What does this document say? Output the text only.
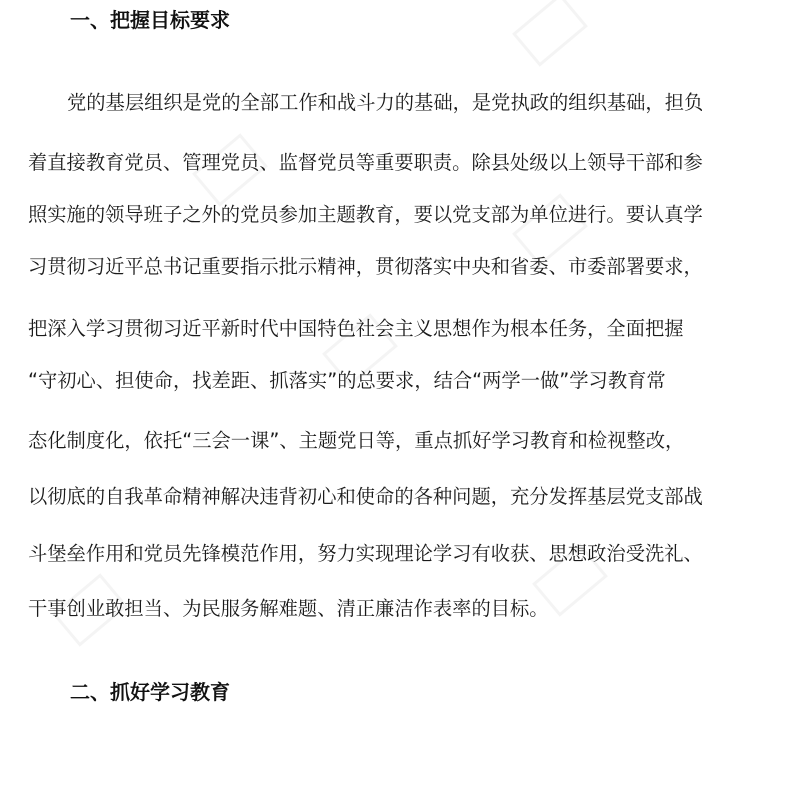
一、把握目标要求
党的基层组织是党的全部工作和战斗力的基础，是党执政的组织基础，担负
着直接教育党员、管理党员、监督党员等重要职责。除县处级以上领导干部和参
照实施的领导班子之外的党员参加主题教育，要以党支部为单位进行。要认真学
习贯彻习近平总书记重要指示批示精神，贯彻落实中央和省委、市委部署要求，
把深入学习贯彻习近平新时代中国特色社会主义思想作为根本任务，全面把握
“守初心、担使命，找差距、抓落实”的总要求，结合“两学一做”学习教育常
态化制度化，依托“三会一课”、主题党日等，重点抓好学习教育和检视整改，
以彻底的自我革命精神解决违背初心和使命的各种问题，充分发挥基层党支部战
斗堡垒作用和党员先锋模范作用，努力实现理论学习有收获、思想政治受洗礼、
干事创业敢担当、为民服务解难题、清正廉洁作表率的目标。
二、抓好学习教育
